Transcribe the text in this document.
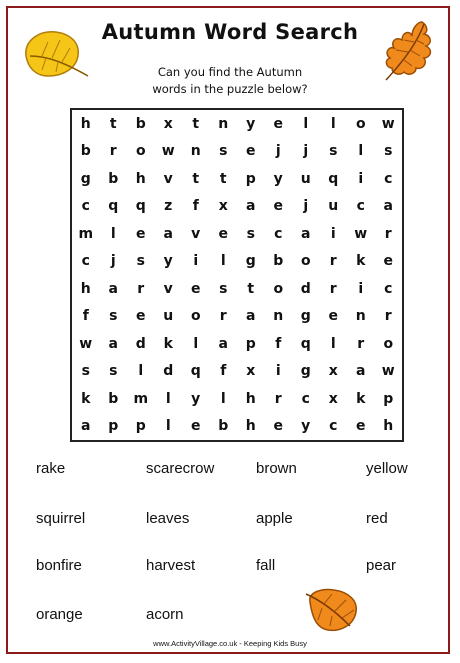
Autumn Word Search
Can you find the Autumn
words in the puzzle below?
h	t	b	x	t	n	y	e	l	l	o	w
b	r	o	w	n	s	e	j	j	s	l	s
g	b	h	v	t	t	p	y	u	q	i	c
c	q	q	z	f	x	a	e	j	u	c	a
m	l	e	a	v	e	s	c	a	i	w	r
c	j	s	y	i	l	g	b	o	r	k	e
h	a	r	v	e	s	t	o	d	r	i	c
f	s	e	u	o	r	a	n	g	e	n	r
w	a	d	k	l	a	p	f	q	l	r	o
s	s	l	d	q	f	x	i	g	x	a	w
k	b	m	l	y	l	h	r	c	x	k	p
a	p	p	l	e	b	h	e	y	c	e	h
rake	scarecrow	brown	yellow
squirrel	leaves	apple	red
bonfire	harvest	fall	pear
orange	acorn
www.ActivityVillage.co.uk - Keeping Kids Busy
